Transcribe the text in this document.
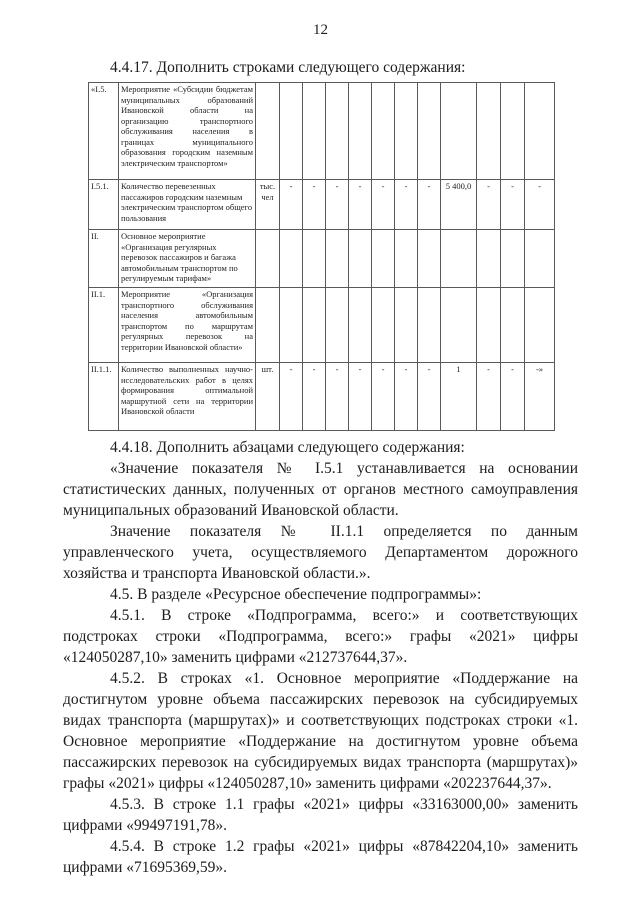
12

4.4.17. Дополнить строками следующего содержания:

«I.5.	Мероприятие «Субсидии бюджетам муниципальных образований Ивановской области на организацию транспортного обслуживания населения в границах муниципального образования городским наземным электрическим транспортом»												
I.5.1.	Количество перевезенных пассажиров городским наземным электрическим транспортом общего пользования	тыс. чел	-	-	-	-	-	-	-	5 400,0	-	-	-
II.	Основное мероприятие «Организация регулярных перевозок пассажиров и багажа автомобильным транспортом по регулируемым тарифам»												
II.1.	Мероприятие «Организация транспортного обслуживания населения автомобильным транспортом по маршрутам регулярных перевозок на территории Ивановской области»												
II.1.1.	Количество выполненных научно-исследовательских работ в целях формирования оптимальной маршрутной сети на территории Ивановской области	шт.	-	-	-	-	-	-	-	1	-	-	-»

4.4.18. Дополнить абзацами следующего содержания:

«Значение показателя № I.5.1 устанавливается на основании статистических данных, полученных от органов местного самоуправления муниципальных образований Ивановской области.

Значение показателя № II.1.1 определяется по данным управленческого учета, осуществляемого Департаментом дорожного хозяйства и транспорта Ивановской области.».

4.5. В разделе «Ресурсное обеспечение подпрограммы»:

4.5.1. В строке «Подпрограмма, всего:» и соответствующих подстроках строки «Подпрограмма, всего:» графы «2021» цифры «124050287,10» заменить цифрами «212737644,37».

4.5.2. В строках «1. Основное мероприятие «Поддержание на достигнутом уровне объема пассажирских перевозок на субсидируемых видах транспорта (маршрутах)» и соответствующих подстроках строки «1. Основное мероприятие «Поддержание на достигнутом уровне объема пассажирских перевозок на субсидируемых видах транспорта (маршрутах)» графы «2021» цифры «124050287,10» заменить цифрами «202237644,37».

4.5.3. В строке 1.1 графы «2021» цифры «33163000,00» заменить цифрами «99497191,78».

4.5.4. В строке 1.2 графы «2021» цифры «87842204,10» заменить цифрами «71695369,59».
